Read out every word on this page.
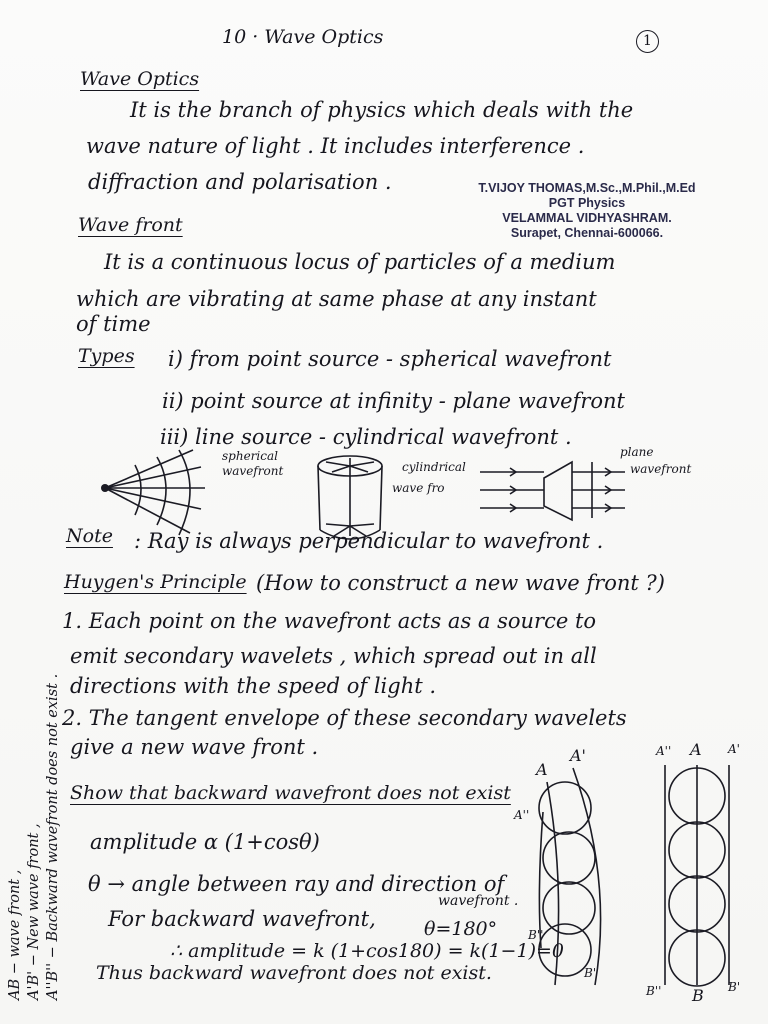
10 · Wave Optics	1
Wave Optics
It is the branch of physics which deals with the
wave nature of light . It includes interference .
diffraction and polarisation .	T.VIJOY THOMAS,M.Sc.,M.Phil.,M.Ed
PGT Physics
VELAMMAL VIDHYASHRAM.
Surapet, Chennai-600066.
Wave front
It is a continuous locus of particles of a medium
which are vibrating at same phase at any instant
of time
Types i) from point source - spherical wavefront
ii) point source at infinity - plane wavefront
iii) line source - cylindrical wavefront .
spherical
wavefront	cylindrical
wave fro
plane
wavefront
Note : Ray is always perpendicular to wavefront .
Huygen's Principle (How to construct a new wave front ?)
1. Each point on the wavefront acts as a source to
emit secondary wavelets , which spread out in all
directions with the speed of light .
2. The tangent envelope of these secondary wavelets
give a new wave front .
Show that backward wavefront does not exist
amplitude α (1+cosθ)
θ → angle between ray and direction of
wavefront .
For backward wavefront,	θ=180°
∴ amplitude = k (1+cos180) = k(1−1)=0
Thus backward wavefront does not exist.
AB − wave front , A'B' − New wave front , A''B'' − Backward wavefront does not exist .	A
A'
A''
B''
B'
A'' A A'
B'' B B'
